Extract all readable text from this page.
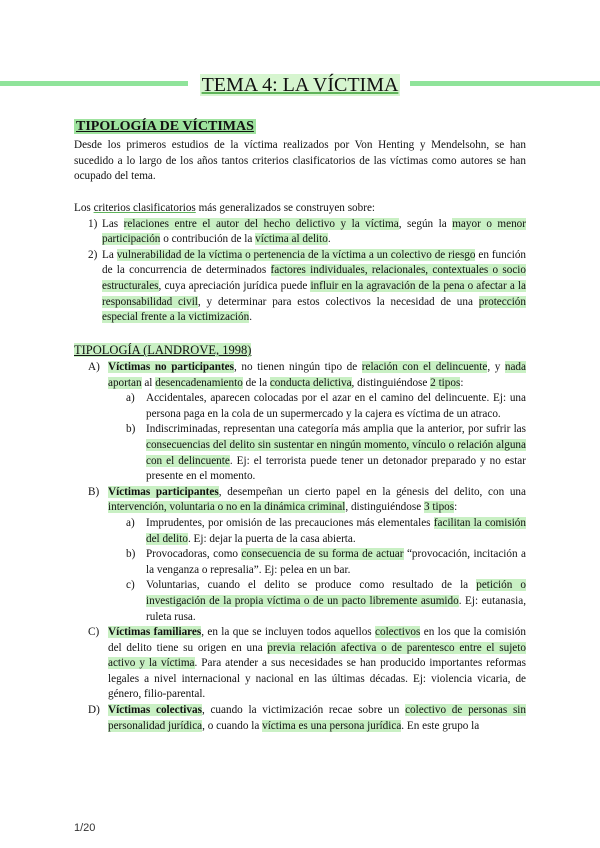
TEMA 4: LA VÍCTIMA
TIPOLOGÍA DE VÍCTIMAS

Desde los primeros estudios de la víctima realizados por Von Henting y Mendelsohn, se han sucedido a lo largo de los años tantos criterios clasificatorios de las víctimas como autores se han ocupado del tema.

Los criterios clasificatorios más generalizados se construyen sobre:

1) Las relaciones entre el autor del hecho delictivo y la víctima, según la mayor o menor participación o contribución de la víctima al delito.
2) La vulnerabilidad de la víctima o pertenencia de la víctima a un colectivo de riesgo en función de la concurrencia de determinados factores individuales, relacionales, contextuales o socio estructurales, cuya apreciación jurídica puede influir en la agravación de la pena o afectar a la responsabilidad civil, y determinar para estos colectivos la necesidad de una protección especial frente a la victimización.
TIPOLOGÍA (LANDROVE, 1998)
A) Víctimas no participantes, no tienen ningún tipo de relación con el delincuente, y nada aportan al desencadenamiento de la conducta delictiva, distinguiéndose 2 tipos:
a) Accidentales, aparecen colocadas por el azar en el camino del delincuente. Ej: una persona paga en la cola de un supermercado y la cajera es víctima de un atraco.
b) Indiscriminadas, representan una categoría más amplia que la anterior, por sufrir las consecuencias del delito sin sustentar en ningún momento, vínculo o relación alguna con el delincuente. Ej: el terrorista puede tener un detonador preparado y no estar presente en el momento.
B) Víctimas participantes, desempeñan un cierto papel en la génesis del delito, con una intervención, voluntaria o no en la dinámica criminal, distinguiéndose 3 tipos:
a) Imprudentes, por omisión de las precauciones más elementales facilitan la comisión del delito. Ej: dejar la puerta de la casa abierta.
b) Provocadoras, como consecuencia de su forma de actuar “provocación, incitación a la venganza o represalia”. Ej: pelea en un bar.
c) Voluntarias, cuando el delito se produce como resultado de la petición o investigación de la propia víctima o de un pacto libremente asumido. Ej: eutanasia, ruleta rusa.
C) Víctimas familiares, en la que se incluyen todos aquellos colectivos en los que la comisión del delito tiene su origen en una previa relación afectiva o de parentesco entre el sujeto activo y la víctima. Para atender a sus necesidades se han producido importantes reformas legales a nivel internacional y nacional en las últimas décadas. Ej: violencia vicaria, de género, filio-parental.
D) Víctimas colectivas, cuando la victimización recae sobre un colectivo de personas sin personalidad jurídica, o cuando la víctima es una persona jurídica. En este grupo la
1/20
